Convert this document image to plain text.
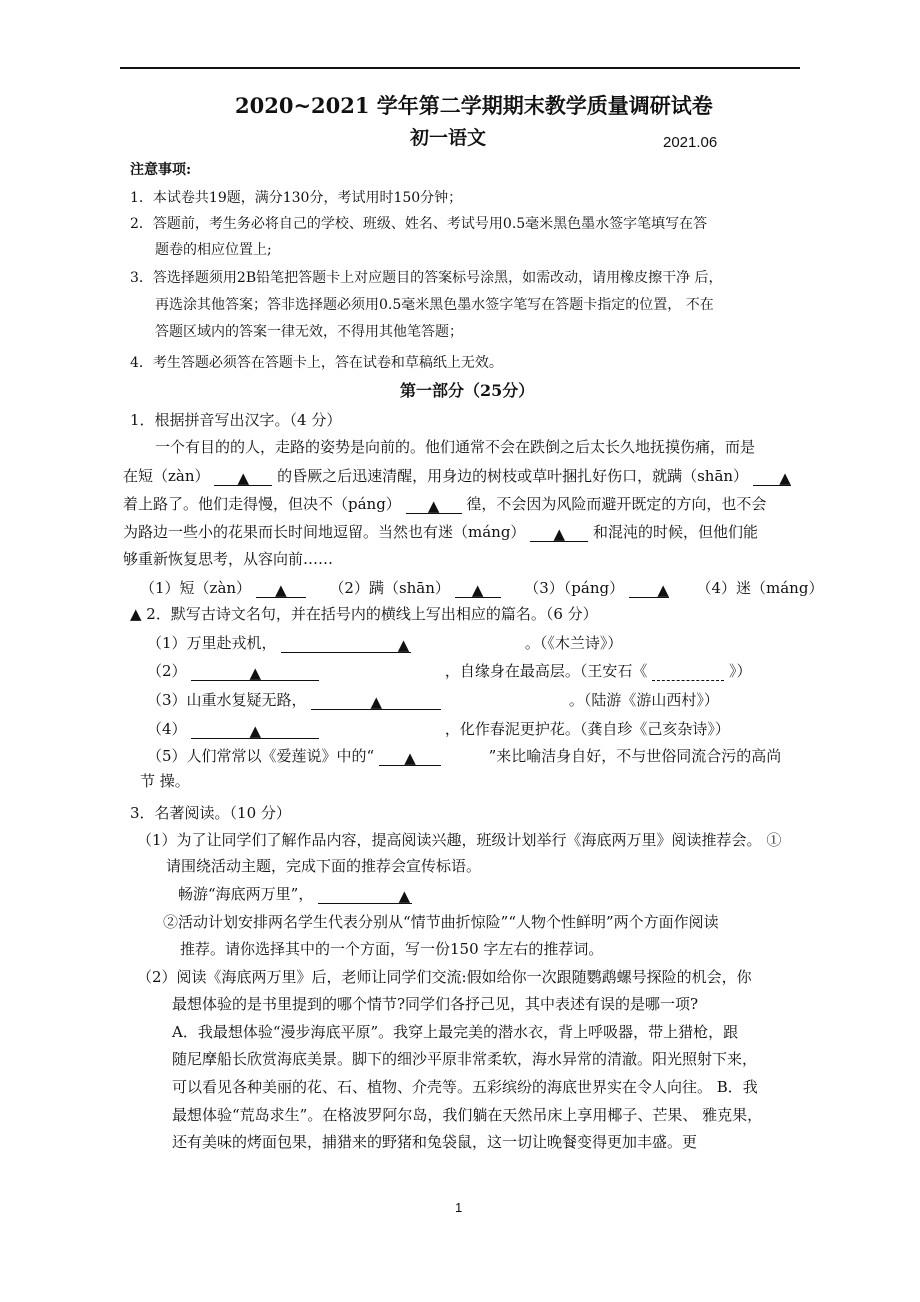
2020~2021 学年第二学期期末教学质量调研试卷
初一语文	2021.06
注意事项:
1．本试卷共19题，满分130分，考试用时150分钟；
2．答题前，考生务必将自己的学校、班级、姓名、考试号用0.5毫米黑色墨水签字笔填写在答
题卷的相应位置上;
3．答选择题须用2B铅笔把答题卡上对应题目的答案标号涂黑，如需改动，请用橡皮擦干净 后，
再选涂其他答案；答非选择题必须用0.5毫米黑色墨水签字笔写在答题卡指定的位置， 不在
答题区域内的答案一律无效，不得用其他笔答题；
4．考生答题必须答在答题卡上，答在试卷和草稿纸上无效。
第一部分（25分）
1．根据拼音写出汉字。（4 分）
一个有目的的人，走路的姿势是向前的。他们通常不会在跌倒之后太长久地抚摸伤痛，而是
在短（zàn） ▲ 的昏厥之后迅速清醒，用身边的树枝或草叶捆扎好伤口，就蹒（shān） ▲
着上路了。他们走得慢，但决不（páng） ▲ 徨，不会因为风险而避开既定的方向，也不会
为路边一些小的花果而长时间地逗留。当然也有迷（máng） ▲ 和混沌的时候，但他们能
够重新恢复思考，从容向前……
（1）短（zàn） ▲	（2）蹒（shān） ▲	（3）（páng） ▲ （4）迷（máng）
▲ 2．默写古诗文名句，并在括号内的横线上写出相应的篇名。（6 分）
（1）万里赴戎机，	▲	。（《木兰诗》）
（2）	▲	，自缘身在最高层。（王安石《	》）
（3）山重水复疑无路，	▲	。（陆游《游山西村》）
（4）	▲	，化作春泥更护花。（龚自珍《己亥杂诗》）
（5）人们常常以《爱莲说》中的“ ▲	”来比喻洁身自好，不与世俗同流合污的高尚
节 操。
3．名著阅读。（10 分）
（1）为了让同学们了解作品内容，提高阅读兴趣，班级计划举行《海底两万里》阅读推荐会。 ①
请围绕活动主题，完成下面的推荐会宣传标语。
畅游“海底两万里”，	▲
②活动计划安排两名学生代表分别从“情节曲折惊险”“人物个性鲜明”两个方面作阅读
推荐。请你选择其中的一个方面，写一份150 字左右的推荐词。
（2）阅读《海底两万里》后，老师让同学们交流:假如给你一次跟随鹦鹉螺号探险的机会，你
最想体验的是书里提到的哪个情节?同学们各抒己见，其中表述有误的是哪一项?
A．我最想体验“漫步海底平原”。我穿上最完美的潜水衣，背上呼吸器，带上猎枪，跟
随尼摩船长欣赏海底美景。脚下的细沙平原非常柔软，海水异常的清澈。阳光照射下来，
可以看见各种美丽的花、石、植物、介壳等。五彩缤纷的海底世界实在令人向往。 B．我
最想体验“荒岛求生”。在格波罗阿尔岛，我们躺在天然吊床上享用椰子、芒果、 雅克果，
还有美味的烤面包果，捕猎来的野猪和兔袋鼠，这一切让晚餐变得更加丰盛。更
1
